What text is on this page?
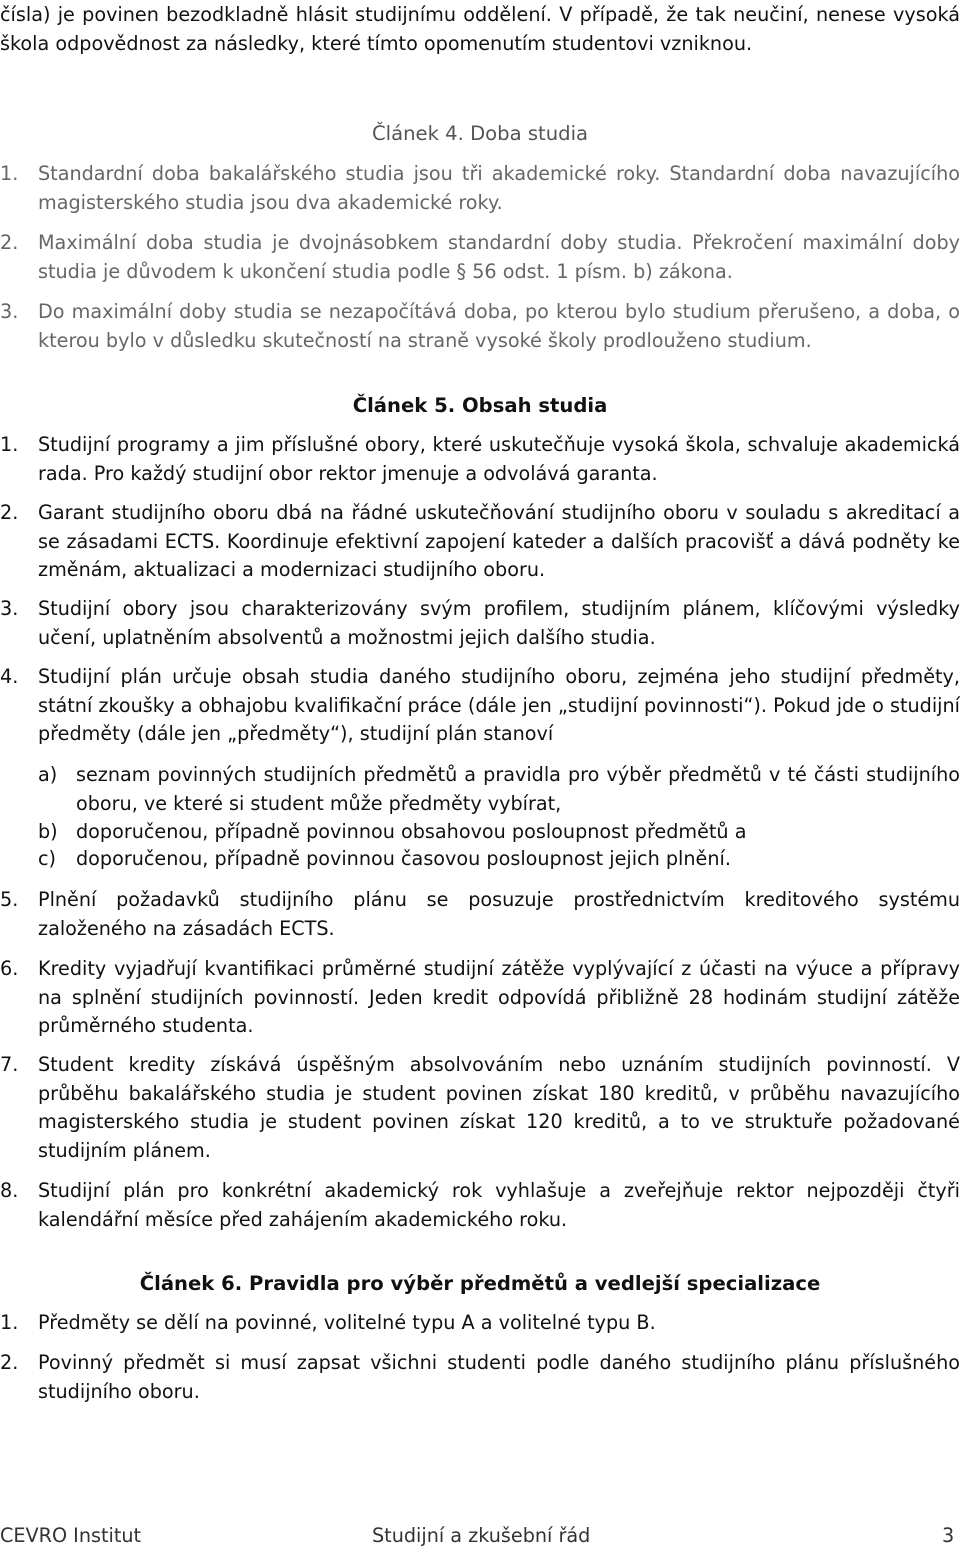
čísla) je povinen bezodkladně hlásit studijnímu oddělení. V případě, že tak neučiní, nenese vysoká škola odpovědnost za následky, které tímto opomenutím studentovi vzniknou.

Článek 4. Doba studia
1.	Standardní doba bakalářského studia jsou tři akademické roky. Standardní doba navazujícího magisterského studia jsou dva akademické roky.
2.	Maximální doba studia je dvojnásobkem standardní doby studia. Překročení maximální doby studia je důvodem k ukončení studia podle § 56 odst. 1 písm. b) zákona.
3.	Do maximální doby studia se nezapočítává doba, po kterou bylo studium přerušeno, a doba, o kterou bylo v důsledku skutečností na straně vysoké školy prodlouženo studium.
Článek 5. Obsah studia
1.	Studijní programy a jim příslušné obory, které uskutečňuje vysoká škola, schvaluje akademická rada. Pro každý studijní obor rektor jmenuje a odvolává garanta.
2.	Garant studijního oboru dbá na řádné uskutečňování studijního oboru v souladu s akreditací a se zásadami ECTS. Koordinuje efektivní zapojení kateder a dalších pracovišť a dává podněty ke změnám, aktualizaci a modernizaci studijního oboru.
3.	Studijní obory jsou charakterizovány svým profilem, studijním plánem, klíčovými výsledky učení, uplatněním absolventů a možnostmi jejich dalšího studia.
4.	Studijní plán určuje obsah studia daného studijního oboru, zejména jeho studijní předměty, státní zkoušky a obhajobu kvalifikační práce (dále jen „studijní povinnosti“). Pokud jde o studijní předměty (dále jen „předměty“), studijní plán stanoví
a) seznam povinných studijních předmětů a pravidla pro výběr předmětů v té části studijního oboru, ve které si student může předměty vybírat,
b) doporučenou, případně povinnou obsahovou posloupnost předmětů a
c)	doporučenou, případně povinnou časovou posloupnost jejich plnění.
5.	Plnění požadavků studijního plánu se posuzuje prostřednictvím kreditového systému založeného na zásadách ECTS.
6.	Kredity vyjadřují kvantifikaci průměrné studijní zátěže vyplývající z účasti na výuce a přípravy na splnění studijních povinností. Jeden kredit odpovídá přibližně 28 hodinám studijní zátěže průměrného studenta.
7.	Student kredity získává úspěšným absolvováním nebo uznáním studijních povinností. V průběhu bakalářského studia je student povinen získat 180 kreditů, v průběhu navazujícího magisterského studia je student povinen získat 120 kreditů, a to ve struktuře požadované studijním plánem.
8.	Studijní plán pro konkrétní akademický rok vyhlašuje a zveřejňuje rektor nejpozději čtyři kalendářní měsíce před zahájením akademického roku.
Článek 6. Pravidla pro výběr předmětů a vedlejší specializace
1.	Předměty se dělí na povinné, volitelné typu A a volitelné typu B.
2.	Povinný předmět si musí zapsat všichni studenti podle daného studijního plánu příslušného studijního oboru.
CEVRO Institut	Studijní a zkušební řád	3
